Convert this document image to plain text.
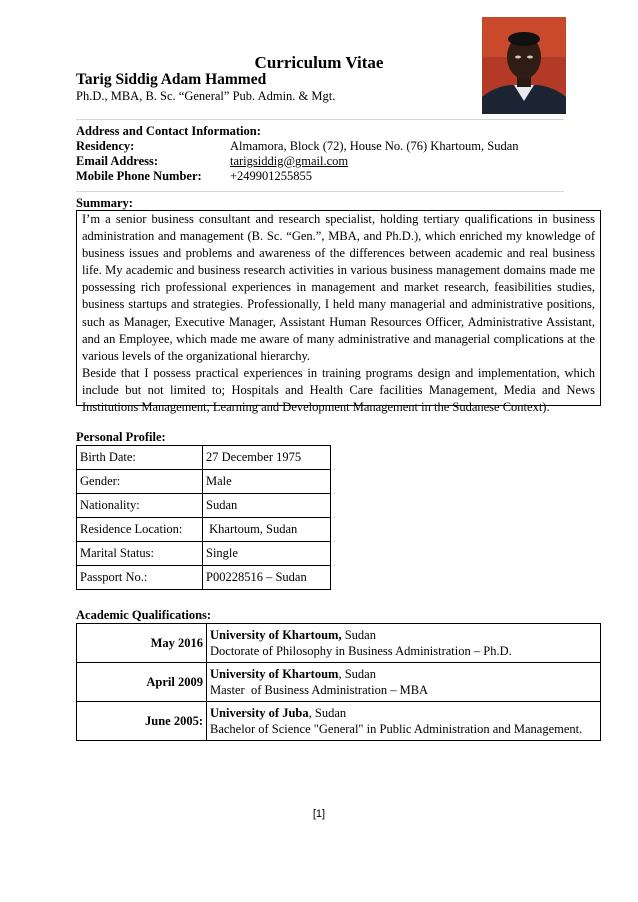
Curriculum Vitae
Tarig Siddig Adam Hammed
Ph.D., MBA, B. Sc. “General” Pub. Admin. & Mgt.
Address and Contact Information:
Residency:	Almamora, Block (72), House No. (76) Khartoum, Sudan
Email Address:	tarigsiddig@gmail.com
Mobile Phone Number: +249901255855
Summary:

I’m a senior business consultant and research specialist, holding tertiary qualifications in business administration and management (B. Sc. “Gen.”, MBA, and Ph.D.), which enriched my knowledge of business issues and problems and awareness of the differences between academic and real business life. My academic and business research activities in various business management domains made me possessing rich professional experiences in management and market research, feasibilities studies, business startups and strategies. Professionally, I held many managerial and administrative positions, such as Manager, Executive Manager, Assistant Human Resources Officer, Administrative Assistant, and an Employee, which made me aware of many administrative and managerial complications at the various levels of the organizational hierarchy.

Beside that I possess practical experiences in training programs design and implementation, which include but not limited to; Hospitals and Health Care facilities Management, Media and News Institutions Management, Learning and Development Management in the Sudanese Context).

Personal Profile:
Birth Date:	27 December 1975
Gender:	Male
Nationality:	Sudan
Residence Location:	Khartoum, Sudan
Marital Status:	Single
Passport No.:	P00228516 – Sudan
Academic Qualifications:
May 2016	University of Khartoum, Sudan
Doctorate of Philosophy in Business Administration – Ph.D.
April 2009	University of Khartoum, Sudan
Master  of Business Administration – MBA
June 2005:	University of Juba, Sudan
Bachelor of Science "General" in Public Administration and Management.
[1]
